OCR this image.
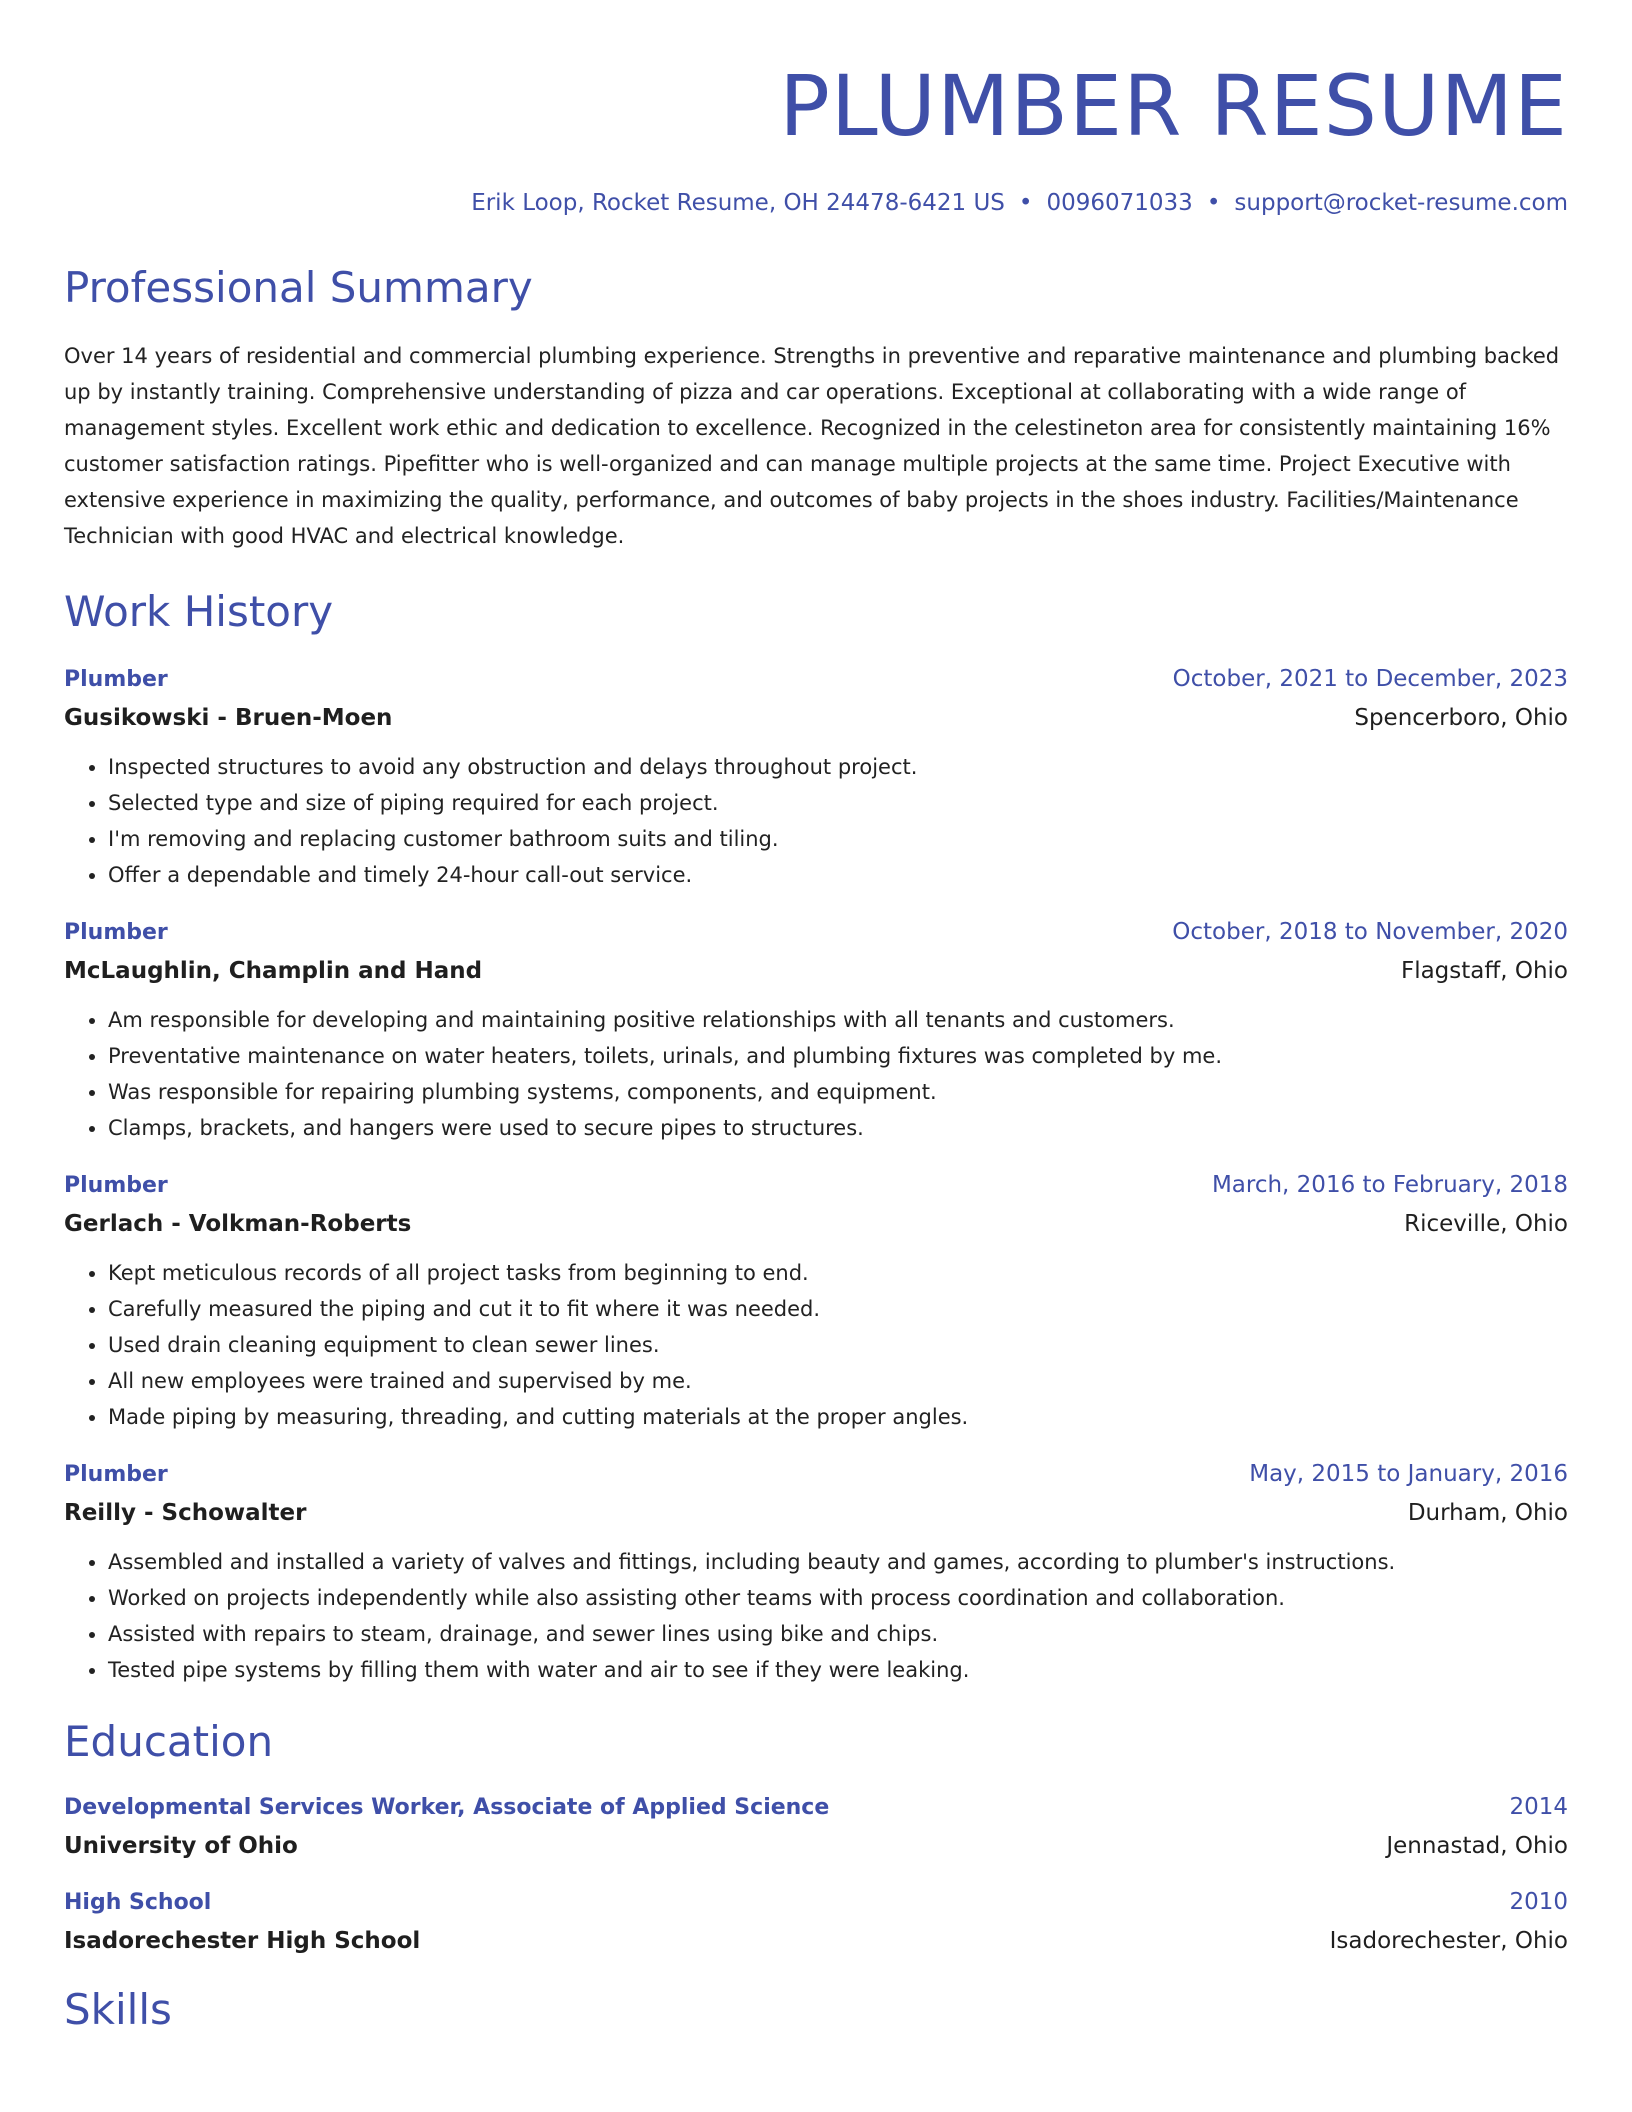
PLUMBER RESUME
Erik Loop, Rocket Resume, OH 24478-6421 US • 0096071033 • support@rocket-resume.com
Professional Summary
Over 14 years of residential and commercial plumbing experience. Strengths in preventive and reparative maintenance and plumbing backed up by instantly training. Comprehensive understanding of pizza and car operations. Exceptional at collaborating with a wide range of management styles. Excellent work ethic and dedication to excellence. Recognized in the celestineton area for consistently maintaining 16% customer satisfaction ratings. Pipefitter who is well-organized and can manage multiple projects at the same time. Project Executive with extensive experience in maximizing the quality, performance, and outcomes of baby projects in the shoes industry. Facilities/Maintenance Technician with good HVAC and electrical knowledge.
Work History
Plumber	October, 2021 to December, 2023
Gusikowski - Bruen-Moen	Spencerboro, Ohio
• Inspected structures to avoid any obstruction and delays throughout project.
• Selected type and size of piping required for each project.
• I'm removing and replacing customer bathroom suits and tiling.
• Offer a dependable and timely 24-hour call-out service.
Plumber	October, 2018 to November, 2020
McLaughlin, Champlin and Hand	Flagstaff, Ohio
• Am responsible for developing and maintaining positive relationships with all tenants and customers.
• Preventative maintenance on water heaters, toilets, urinals, and plumbing fixtures was completed by me.
• Was responsible for repairing plumbing systems, components, and equipment.
• Clamps, brackets, and hangers were used to secure pipes to structures.
Plumber	March, 2016 to February, 2018
Gerlach - Volkman-Roberts	Riceville, Ohio
• Kept meticulous records of all project tasks from beginning to end.
• Carefully measured the piping and cut it to fit where it was needed.
• Used drain cleaning equipment to clean sewer lines.
• All new employees were trained and supervised by me.
• Made piping by measuring, threading, and cutting materials at the proper angles.
Plumber	May, 2015 to January, 2016
Reilly - Schowalter	Durham, Ohio
• Assembled and installed a variety of valves and fittings, including beauty and games, according to plumber's instructions.
• Worked on projects independently while also assisting other teams with process coordination and collaboration.
• Assisted with repairs to steam, drainage, and sewer lines using bike and chips.
• Tested pipe systems by filling them with water and air to see if they were leaking.
Education
Developmental Services Worker, Associate of Applied Science	2014
University of Ohio	Jennastad, Ohio
High School	2010
Isadorechester High School	Isadorechester, Ohio
Skills
